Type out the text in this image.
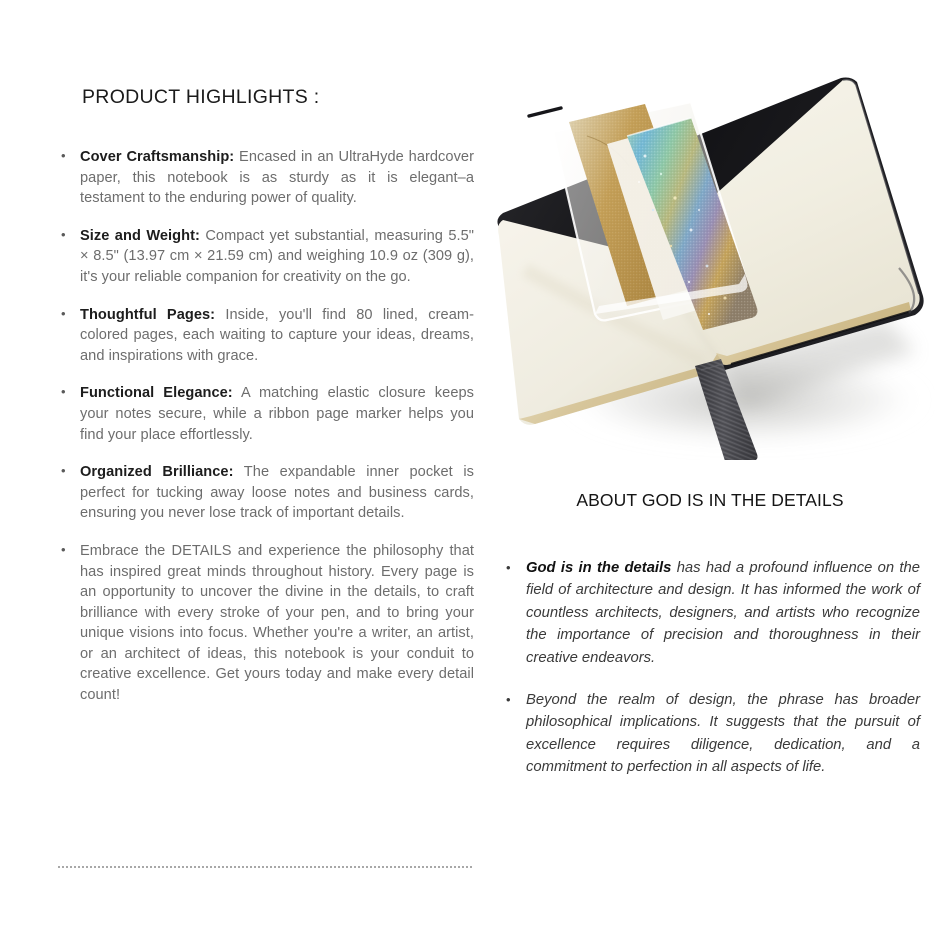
PRODUCT HIGHLIGHTS :
• Cover Craftsmanship: Encased in an UltraHyde hardcover paper, this notebook is as sturdy as it is elegant–a testament to the enduring power of quality.
• Size and Weight: Compact yet substantial, measuring 5.5" × 8.5" (13.97 cm × 21.59 cm) and weighing 10.9 oz (309 g), it's your reliable companion for creativity on the go.
• Thoughtful Pages: Inside, you'll find 80 lined, cream-colored pages, each waiting to capture your ideas, dreams, and inspirations with grace.
• Functional Elegance: A matching elastic closure keeps your notes secure, while a ribbon page marker helps you find your place effortlessly.
• Organized Brilliance: The expandable inner pocket is perfect for tucking away loose notes and business cards, ensuring you never lose track of important details.
• Embrace the DETAILS and experience the philosophy that has inspired great minds throughout history. Every page is an opportunity to uncover the divine in the details, to craft brilliance with every stroke of your pen, and to bring your unique visions into focus. Whether you're a writer, an artist, or an architect of ideas, this notebook is your conduit to creative excellence. Get yours today and make every detail count!
ABOUT GOD IS IN THE DETAILS
• God is in the details has had a profound influence on the field of architecture and design. It has informed the work of countless architects, designers, and artists who recognize the importance of precision and thoroughness in their creative endeavors.
• Beyond the realm of design, the phrase has broader philosophical implications. It suggests that the pursuit of excellence requires diligence, dedication, and a commitment to perfection in all aspects of life.
